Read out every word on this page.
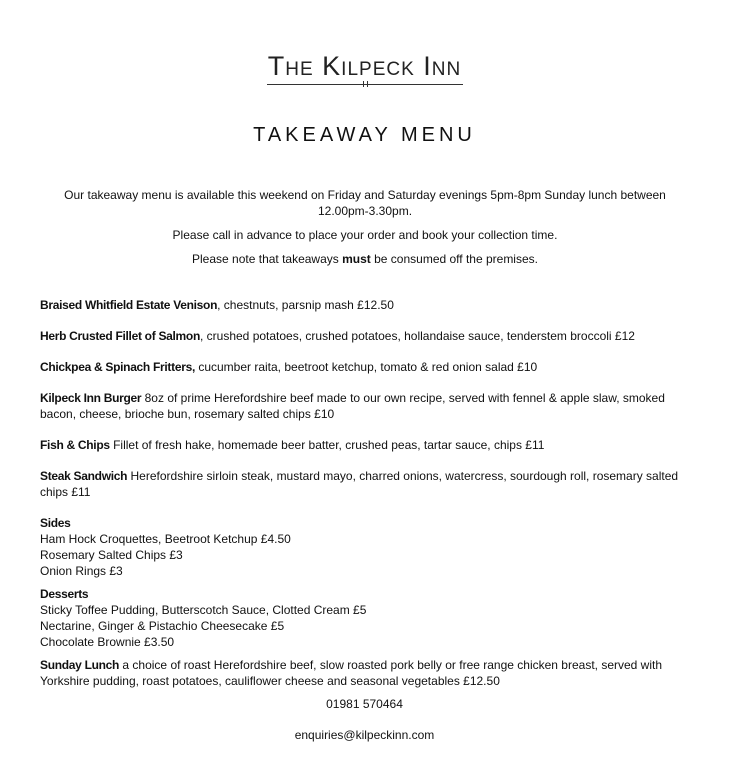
The Kilpeck Inn
TAKEAWAY MENU

Our takeaway menu is available this weekend on Friday and Saturday evenings 5pm-8pm Sunday lunch between 12.00pm-3.30pm.

Please call in advance to place your order and book your collection time.

Please note that takeaways must be consumed off the premises.

Braised Whitfield Estate Venison, chestnuts, parsnip mash £12.50
Herb Crusted Fillet of Salmon, crushed potatoes, crushed potatoes, hollandaise sauce, tenderstem broccoli £12
Chickpea & Spinach Fritters, cucumber raita, beetroot ketchup, tomato & red onion salad £10
Kilpeck Inn Burger 8oz of prime Herefordshire beef made to our own recipe, served with fennel & apple slaw, smoked bacon, cheese, brioche bun, rosemary salted chips £10
Fish & Chips Fillet of fresh hake, homemade beer batter, crushed peas, tartar sauce, chips £11
Steak Sandwich Herefordshire sirloin steak, mustard mayo, charred onions, watercress, sourdough roll, rosemary salted chips £11
Sides
Ham Hock Croquettes, Beetroot Ketchup £4.50
Rosemary Salted Chips £3
Onion Rings £3
Desserts
Sticky Toffee Pudding, Butterscotch Sauce, Clotted Cream £5
Nectarine, Ginger & Pistachio Cheesecake £5
Chocolate Brownie £3.50
Sunday Lunch a choice of roast Herefordshire beef, slow roasted pork belly or free range chicken breast, served with Yorkshire pudding, roast potatoes, cauliflower cheese and seasonal vegetables £12.50
01981 570464
enquiries@kilpeckinn.com
